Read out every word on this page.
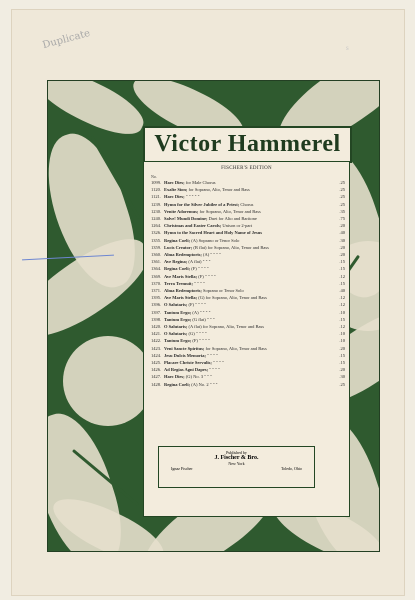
Duplicate	s
Victor Hammerel
FISCHER'S EDITION
No.
1099. Haec Dies; for Male Chorus	.25
1120. Exalte Sion; for Soprano, Alto, Tenor and Bass	.25
1121. Haec Dies; " " " " "	.25
1239. Hymn for the Silver Jubilee of a Priest; Chorus	.25
1230. Venite Adoremus; for Soprano, Alto, Tenor and Bass	.35
1240. Salve! Mundi Domine; Duet for Alto and Baritone	.75
1264. Christmas and Easter Carols; Unison or 2-part	.20
1326. Hymn to the Sacred Heart and Holy Name of Jesus	.40
1355. Regina Coeli; (A) Soprano or Tenor Solo	.30
1359. Lucis Creator; (B flat) for Soprano, Alto, Tenor and Bass	.20
1360. Alma Redemptoris; (A) " " " "	.20
1361. Ave Regina; (A flat) " " "	.15
1364. Regina Coeli; (F) " " " "	.15
1369. Ave Maris Stella; (F) " " " "	.12
1370. Terra Tremuit; " " " "	.15
1371. Alma Redemptoris; Soprano or Tenor Solo	.40
1395. Ave Maris Stella; (G) for Soprano, Alto, Tenor and Bass	.12
1396. O Salutaris; (F) " " " "	.12
1397. Tantum Ergo; (A) " " " "	.10
1398. Tantum Ergo; (G flat) " " "	.15
1420. O Salutaris; (A flat) for Soprano, Alto, Tenor and Bass	.12
1421. O Salutaris; (G) " " " "	.10
1422. Tantum Ergo; (F) " " " "	.10
1423. Veni Sancte Spiritus; for Soprano, Alto, Tenor and Bass	.20
1424. Jesu Dulcis Memoria; " " " "	.15
1425. Placare Christe Servulis; " " " "	.15
1426. Ad Regias Agni Dapes; " " " "	.20
1427. Haec Dies; (G) No. 3 " " "	.30
1428. Regina Coeli; (A) No. 2 " " "	.25
Published by
J. Fischer & Bro.
New York
Ignaz Fischer	Toledo, Ohio
